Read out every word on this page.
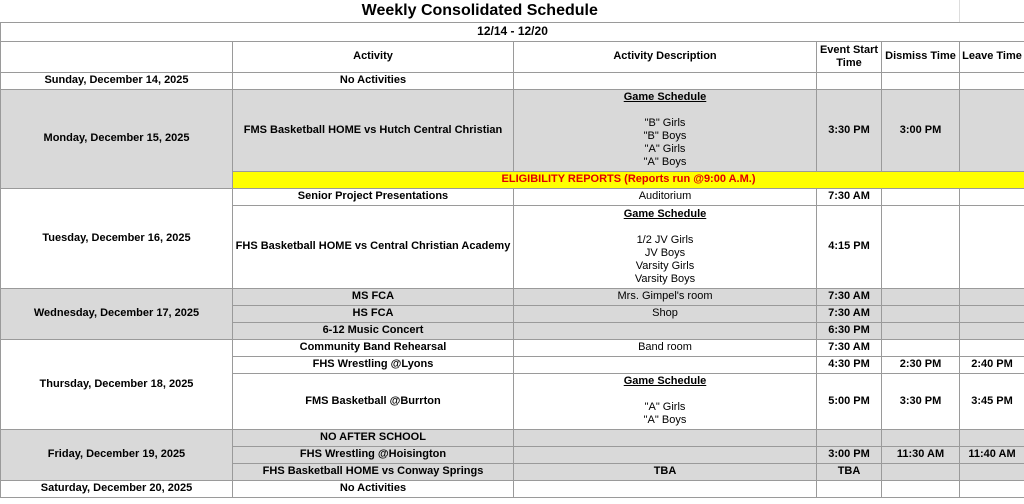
Weekly Consolidated Schedule					
12/14 - 12/20					
	Activity	Activity Description	Event Start
Time	Dismiss Time	Leave Time
Sunday, December 14, 2025	No Activities				
Monday, December 15, 2025	FMS Basketball HOME vs Hutch Central Christian	Game Schedule
"B" Girls
"B" Boys
"A" Girls
"A" Boys	3:30 PM	3:00 PM	
	ELIGIBILITY REPORTS (Reports run @9:00 A.M.)				
Tuesday, December 16, 2025	Senior Project Presentations	Auditorium	7:30 AM		
	FHS Basketball HOME vs Central Christian Academy	Game Schedule
1/2 JV Girls
JV Boys
Varsity Girls
Varsity Boys	4:15 PM		
Wednesday, December 17, 2025	MS FCA	Mrs. Gimpel's room	7:30 AM		
	HS FCA	Shop	7:30 AM		
	6-12 Music Concert		6:30 PM		
Thursday, December 18, 2025	Community Band Rehearsal	Band room	7:30 AM		
	FHS Wrestling @Lyons		4:30 PM	2:30 PM	2:40 PM
	FMS Basketball @Burrton	Game Schedule
"A" Girls
"A" Boys	5:00 PM	3:30 PM	3:45 PM
Friday, December 19, 2025	NO AFTER SCHOOL				
	FHS Wrestling @Hoisington		3:00 PM	11:30 AM	11:40 AM
	FHS Basketball HOME vs Conway Springs	TBA	TBA		
Saturday, December 20, 2025	No Activities				
